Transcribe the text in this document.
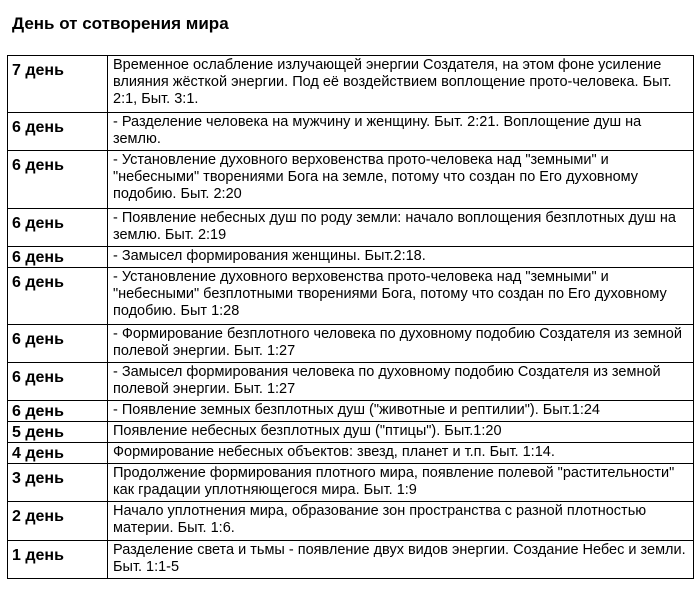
День от сотворения мира
7 день	Временное ослабление излучающей энергии Создателя, на этом фоне усиление влияния жёсткой энергии. Под её воздействием воплощение прото-человека. Быт. 2:1, Быт. 3:1.
6 день	- Разделение человека на мужчину и женщину. Быт. 2:21. Воплощение душ на землю.
6 день	- Установление духовного верховенства прото-человека над "земными" и "небесными" творениями Бога на земле, потому что создан по Его духовному подобию. Быт. 2:20
6 день	- Появление небесных душ по роду земли: начало воплощения безплотных душ на землю. Быт. 2:19
6 день	- Замысел формирования женщины. Быт.2:18.
6 день	- Установление духовного верховенства прото-человека над "земными" и "небесными" безплотными творениями Бога, потому что создан по Его духовному подобию. Быт 1:28
6 день	- Формирование безплотного человека по духовному подобию Создателя из земной полевой энергии. Быт. 1:27
6 день	- Замысел формирования человека по духовному подобию Создателя из земной полевой энергии. Быт. 1:27
6 день	- Появление земных безплотных душ ("животные и рептилии"). Быт.1:24
5 день	Появление небесных безплотных душ ("птицы"). Быт.1:20
4 день	Формирование небесных объектов: звезд, планет и т.п. Быт. 1:14.
3 день	Продолжение формирования плотного мира, появление полевой "растительности" как градации уплотняющегося мира. Быт. 1:9
2 день	Начало уплотнения мира, образование зон пространства с разной плотностью материи. Быт. 1:6.
1 день	Разделение света и тьмы - появление двух видов энергии. Создание Небес и земли. Быт. 1:1-5
